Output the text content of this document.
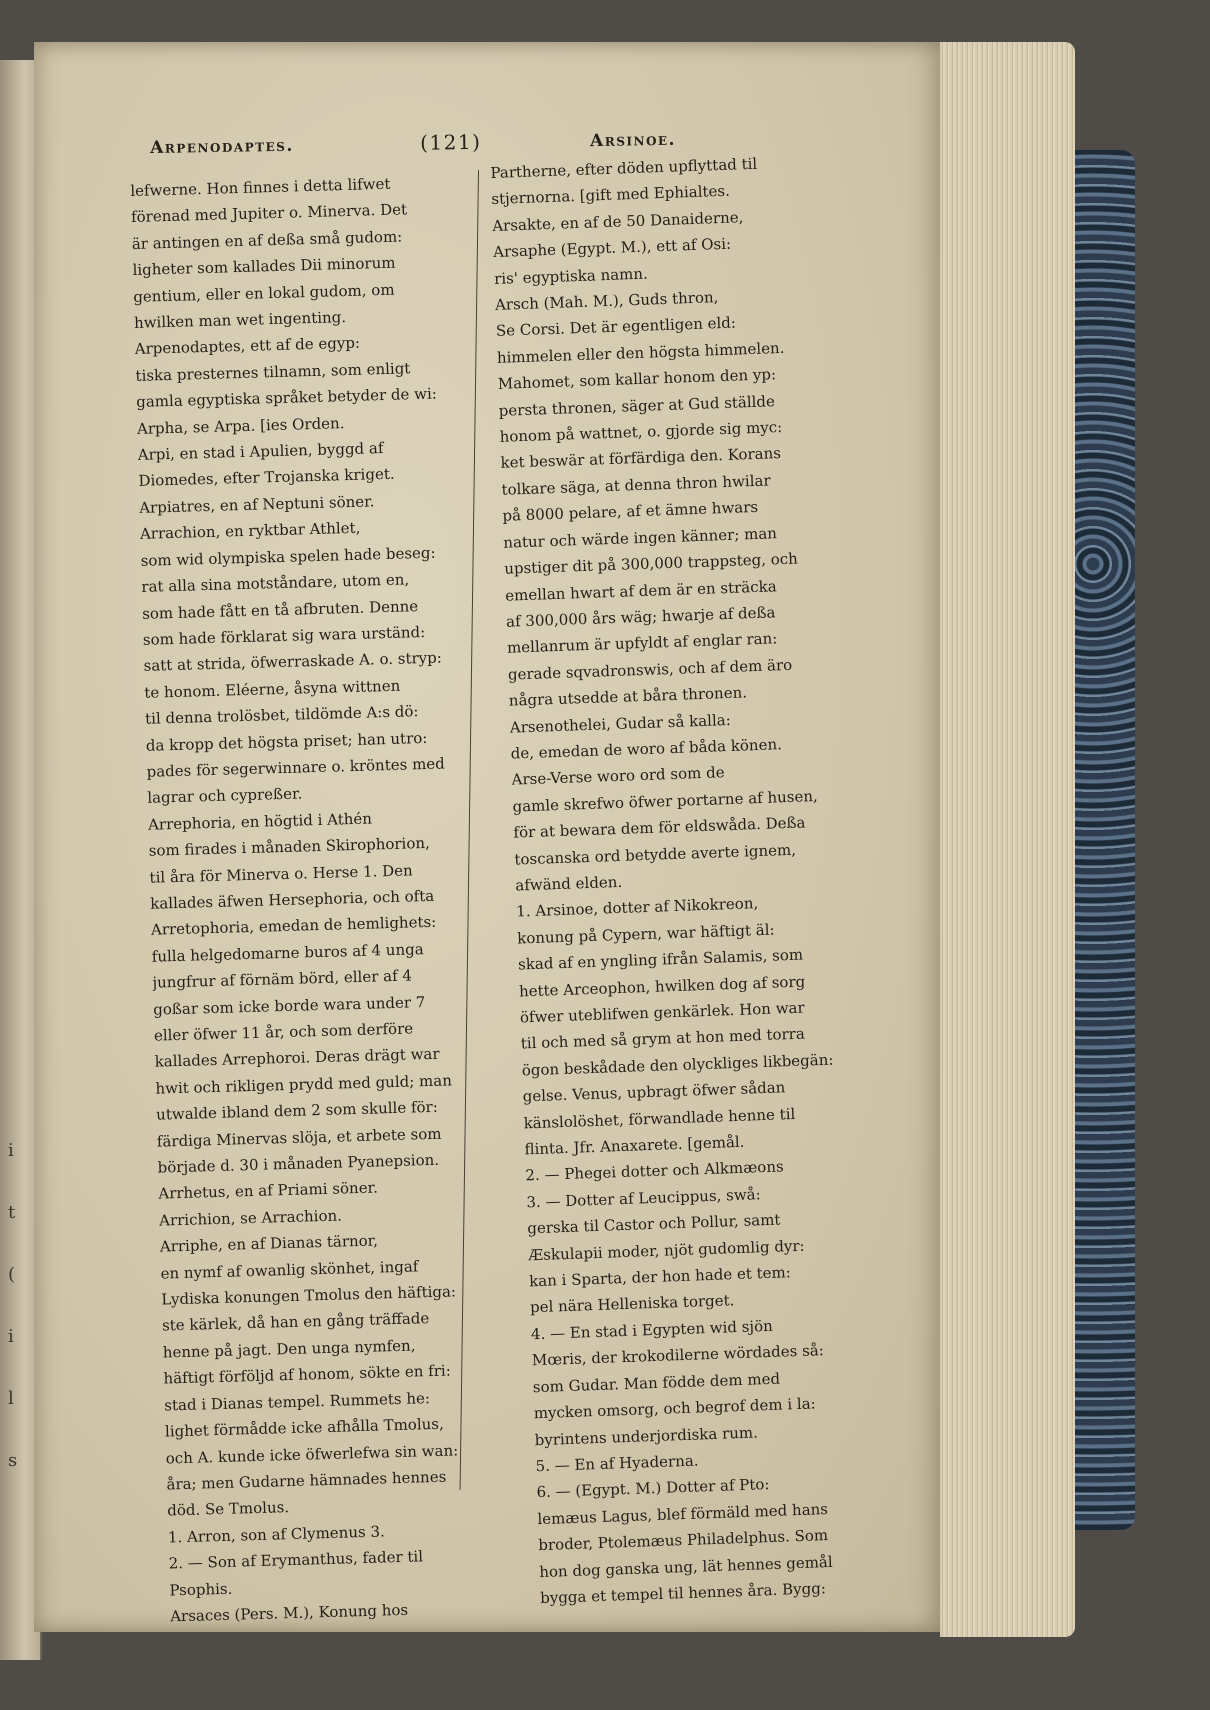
i
t
(
i
l
s
Arpenodaptes.	(121)	Arsinoe.
lefwerne. Hon finnes i detta lifwet
förenad med Jupiter o. Minerva. Det
är antingen en af deßa små gudom:
ligheter som kallades Dii minorum
gentium, eller en lokal gudom, om
hwilken man wet ingenting.
Arpenodaptes, ett af de egyp:
tiska presternes tilnamn, som enligt
gamla egyptiska språket betyder de wi:
Arpha, se Arpa. [ies Orden.
Arpi, en stad i Apulien, byggd af
Diomedes, efter Trojanska kriget.
Arpiatres, en af Neptuni söner.
Arrachion, en ryktbar Athlet,
som wid olympiska spelen hade beseg:
rat alla sina motståndare, utom en,
som hade fått en tå afbruten. Denne
som hade förklarat sig wara urständ:
satt at strida, öfwerraskade A. o. stryp:
te honom. Eléerne, åsyna wittnen
til denna trolösbet, tildömde A:s dö:
da kropp det högsta priset; han utro:
pades för segerwinnare o. kröntes med
lagrar och cypreßer.
Arrephoria, en högtid i Athén
som firades i månaden Skirophorion,
til åra för Minerva o. Herse 1. Den
kallades äfwen Hersephoria, och ofta
Arretophoria, emedan de hemlighets:
fulla helgedomarne buros af 4 unga
jungfrur af förnäm börd, eller af 4
goßar som icke borde wara under 7
eller öfwer 11 år, och som derföre
kallades Arrephoroi. Deras drägt war
hwit och rikligen prydd med guld; man
utwalde ibland dem 2 som skulle för:
färdiga Minervas slöja, et arbete som
började d. 30 i månaden Pyanepsion.
Arrhetus, en af Priami söner.
Arrichion, se Arrachion.
Arriphe, en af Dianas tärnor,
en nymf af owanlig skönhet, ingaf
Lydiska konungen Tmolus den häftiga:
ste kärlek, då han en gång träffade
henne på jagt. Den unga nymfen,
häftigt förföljd af honom, sökte en fri:
stad i Dianas tempel. Rummets he:
lighet förmådde icke afhålla Tmolus,
och A. kunde icke öfwerlefwa sin wan:
åra; men Gudarne hämnades hennes
död. Se Tmolus.
1. Arron, son af Clymenus 3.
2. — Son af Erymanthus, fader til
Psophis.
Arsaces (Pers. M.), Konung hos
Partherne, efter döden upflyttad til
stjernorna. [gift med Ephialtes.
Arsakte, en af de 50 Danaiderne,
Arsaphe (Egypt. M.), ett af Osi:
ris' egyptiska namn.
Arsch (Mah. M.), Guds thron,
Se Corsi. Det är egentligen eld:
himmelen eller den högsta himmelen.
Mahomet, som kallar honom den yp:
persta thronen, säger at Gud ställde
honom på wattnet, o. gjorde sig myc:
ket beswär at förfärdiga den. Korans
tolkare säga, at denna thron hwilar
på 8000 pelare, af et ämne hwars
natur och wärde ingen känner; man
upstiger dit på 300,000 trappsteg, och
emellan hwart af dem är en sträcka
af 300,000 års wäg; hwarje af deßa
mellanrum är upfyldt af englar ran:
gerade sqvadronswis, och af dem äro
några utsedde at båra thronen.
Arsenothelei, Gudar så kalla:
de, emedan de woro af båda könen.
Arse-Verse woro ord som de
gamle skrefwo öfwer portarne af husen,
för at bewara dem för eldswåda. Deßa
toscanska ord betydde averte ignem,
afwänd elden.
1. Arsinoe, dotter af Nikokreon,
konung på Cypern, war häftigt äl:
skad af en yngling ifrån Salamis, som
hette Arceophon, hwilken dog af sorg
öfwer uteblifwen genkärlek. Hon war
til och med så grym at hon med torra
ögon beskådade den olyckliges likbegän:
gelse. Venus, upbragt öfwer sådan
känslolöshet, förwandlade henne til
flinta. Jfr. Anaxarete. [gemål.
2. — Phegei dotter och Alkmæons
3. — Dotter af Leucippus, swå:
gerska til Castor och Pollur, samt
Æskulapii moder, njöt gudomlig dyr:
kan i Sparta, der hon hade et tem:
pel nära Helleniska torget.
4. — En stad i Egypten wid sjön
Mœris, der krokodilerne wördades så:
som Gudar. Man födde dem med
mycken omsorg, och begrof dem i la:
byrintens underjordiska rum.
5. — En af Hyaderna.
6. — (Egypt. M.) Dotter af Pto:
lemæus Lagus, blef förmäld med hans
broder, Ptolemæus Philadelphus. Som
hon dog ganska ung, lät hennes gemål
bygga et tempel til hennes åra. Bygg:
